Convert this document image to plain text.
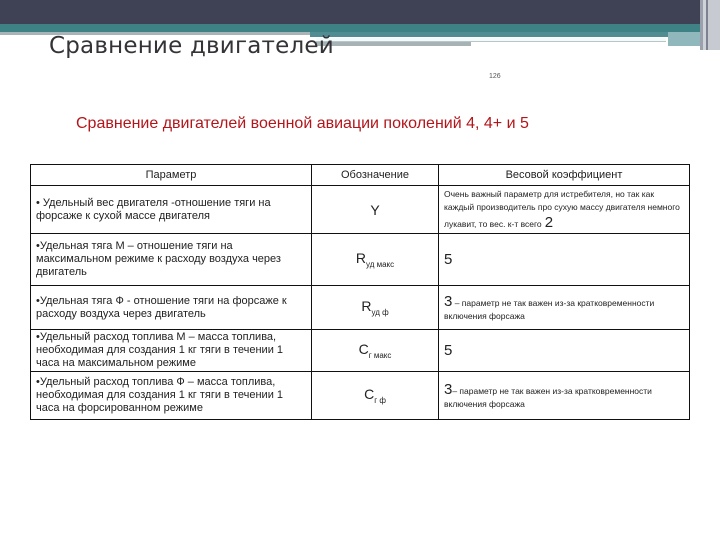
Сравнение двигателей
126
Сравнение двигателей военной авиации поколений 4, 4+ и 5
Параметр	Обозначение	Весовой коэффициент
• Удельный вес двигателя -отношение тяги на форсаже к сухой массе двигателя	Y	Очень важный параметр для истребителя, но так как каждый производитель про сухую массу двигателя немного лукавит, то вес. к-т всего 2
•Удельная тяга М – отношение тяги на максимальном режиме к расходу воздуха через двигатель	$R_{уд макс}$	5
•Удельная тяга Ф - отношение тяги на форсаже к расходу воздуха через двигатель	$R_{уд ф}$	3 – параметр не так важен из-за кратковременности включения форсажа
•Удельный расход топлива М – масса топлива, необходимая для создания 1 кг тяги в течении 1 часа на максимальном режиме	$C_{г макс}$	5
•Удельный расход топлива Ф – масса топлива, необходимая для создания 1 кг тяги в течении 1 часа на форсированном режиме	$C_{г ф}$	3– параметр не так важен из-за кратковременности включения форсажа
